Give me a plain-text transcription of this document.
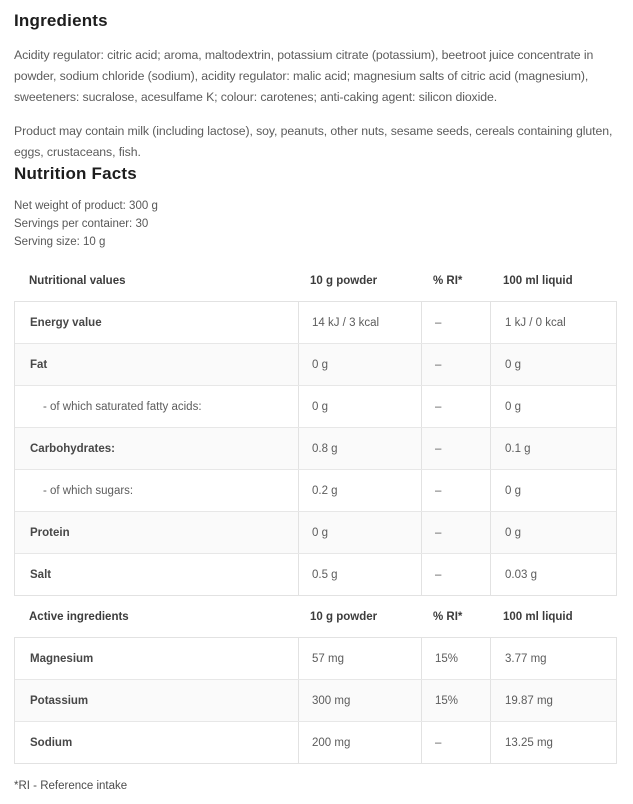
Ingredients

Acidity regulator: citric acid; aroma, maltodextrin, potassium citrate (potassium), beetroot juice concentrate in powder, sodium chloride (sodium), acidity regulator: malic acid; magnesium salts of citric acid (magnesium), sweeteners: sucralose, acesulfame K; colour: carotenes; anti-caking agent: silicon dioxide.

Product may contain milk (including lactose), soy, peanuts, other nuts, sesame seeds, cereals containing gluten, eggs, crustaceans, fish.

Nutrition Facts
Net weight of product: 300 g
Servings per container: 30
Serving size: 10 g
Nutritional values	10 g powder	% RI*	100 ml liquid
Energy value	14 kJ / 3 kcal	–	1 kJ / 0 kcal
Fat	0 g	–	0 g
- of which saturated fatty acids:	0 g	–	0 g
Carbohydrates:	0.8 g	–	0.1 g
- of which sugars:	0.2 g	–	0 g
Protein	0 g	–	0 g
Salt	0.5 g	–	0.03 g
Active ingredients	10 g powder	% RI*	100 ml liquid
Magnesium	57 mg	15%	3.77 mg
Potassium	300 mg	15%	19.87 mg
Sodium	200 mg	–	13.25 mg
*RI - Reference intake
